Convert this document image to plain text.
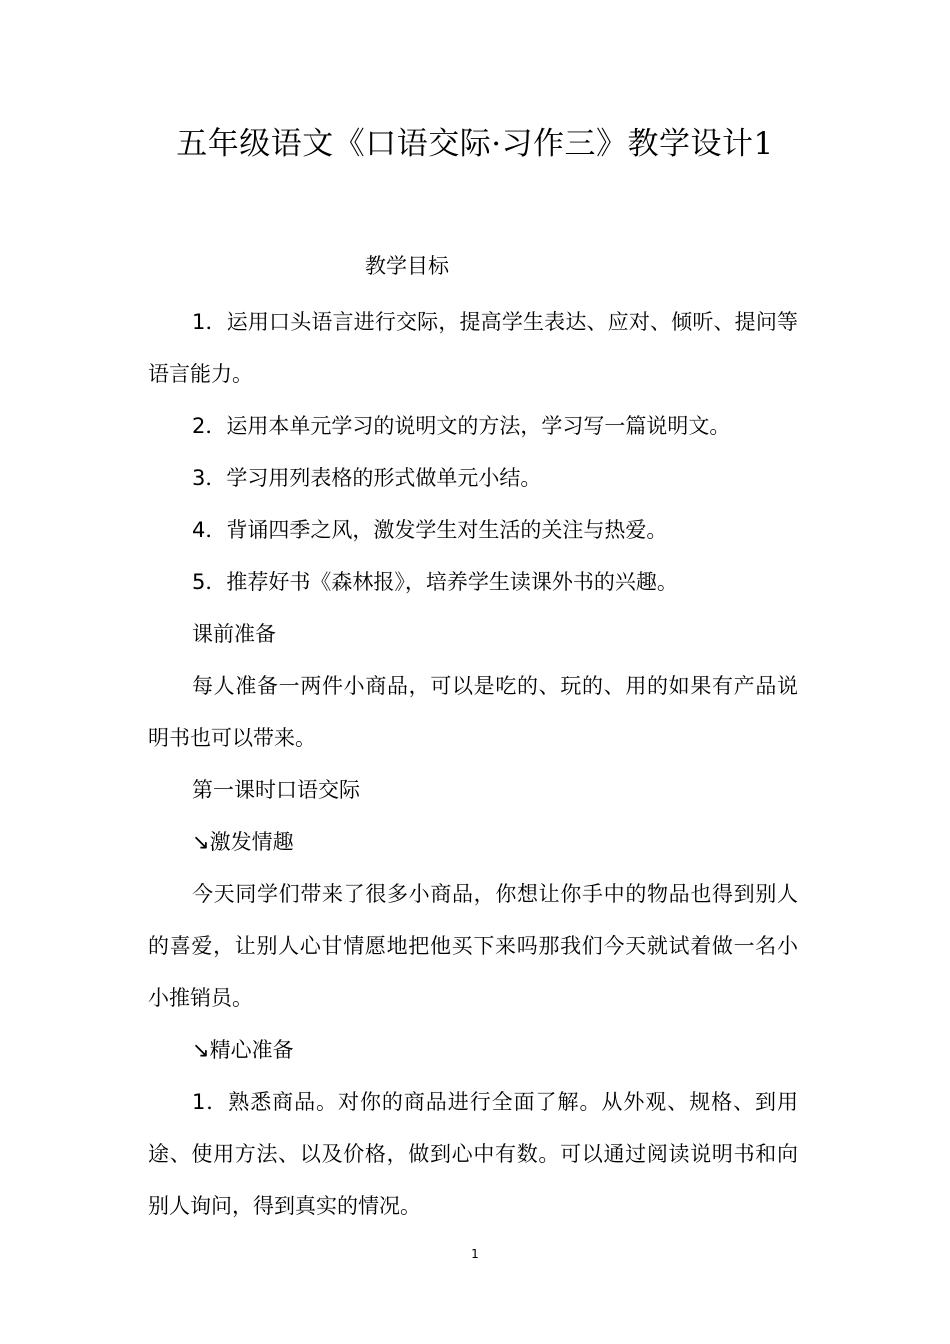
五年级语文《口语交际·习作三》教学设计1
教学目标

1．运用口头语言进行交际，提高学生表达、应对、倾听、提问等语言能力。

2．运用本单元学习的说明文的方法，学习写一篇说明文。

3．学习用列表格的形式做单元小结。

4．背诵四季之风，激发学生对生活的关注与热爱。

5．推荐好书《森林报》，培养学生读课外书的兴趣。

课前准备

每人准备一两件小商品，可以是吃的、玩的、用的如果有产品说明书也可以带来。

第一课时口语交际

↘激发情趣

今天同学们带来了很多小商品，你想让你手中的物品也得到别人的喜爱，让别人心甘情愿地把他买下来吗那我们今天就试着做一名小小推销员。

↘精心准备

1．熟悉商品。对你的商品进行全面了解。从外观、规格、到用途、使用方法、以及价格，做到心中有数。可以通过阅读说明书和向别人询问，得到真实的情况。

1
